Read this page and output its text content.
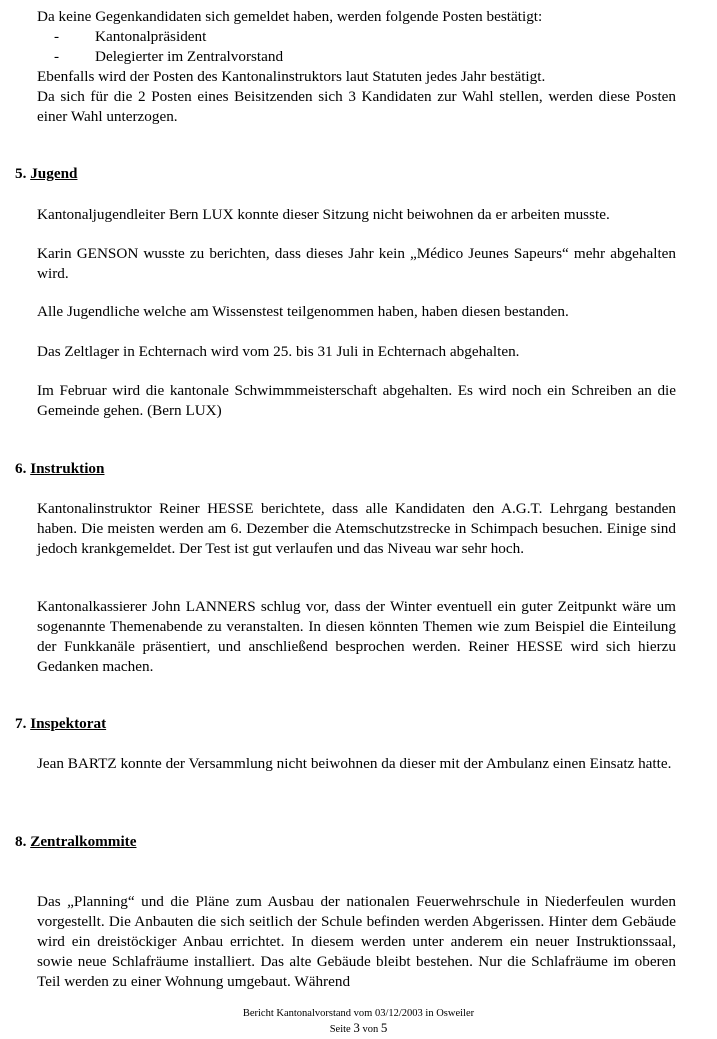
Da keine Gegenkandidaten sich gemeldet haben, werden folgende Posten bestätigt:

- Kantonalpräsident
- Delegierter im Zentralvorstand

Ebenfalls wird der Posten des Kantonalinstruktors laut Statuten jedes Jahr bestätigt.

Da sich für die 2 Posten eines Beisitzenden sich 3 Kandidaten zur Wahl stellen, werden diese Posten einer Wahl unterzogen.

5. Jugend

Kantonaljugendleiter Bern LUX konnte dieser Sitzung nicht beiwohnen da er arbeiten musste.

Karin GENSON wusste zu berichten, dass dieses Jahr kein „Médico Jeunes Sapeurs“ mehr abgehalten wird.

Alle Jugendliche welche am Wissenstest teilgenommen haben, haben diesen bestanden.

Das Zeltlager in Echternach wird vom 25. bis 31 Juli in Echternach abgehalten.

Im Februar wird die kantonale Schwimmmeisterschaft abgehalten. Es wird noch ein Schreiben an die Gemeinde gehen. (Bern LUX)

6. Instruktion

Kantonalinstruktor Reiner HESSE berichtete, dass alle Kandidaten den A.G.T. Lehrgang bestanden haben. Die meisten werden am 6. Dezember die Atemschutzstrecke in Schimpach besuchen. Einige sind jedoch krankgemeldet. Der Test ist gut verlaufen und das Niveau war sehr hoch.

Kantonalkassierer John LANNERS schlug vor, dass der Winter eventuell ein guter Zeitpunkt wäre um sogenannte Themenabende zu veranstalten. In diesen könnten Themen wie zum Beispiel die Einteilung der Funkkanäle präsentiert, und anschließend besprochen werden. Reiner HESSE wird sich hierzu Gedanken machen.

7. Inspektorat

Jean BARTZ konnte der Versammlung nicht beiwohnen da dieser mit der Ambulanz einen Einsatz hatte.

8. Zentralkommite

Das „Planning“ und die Pläne zum Ausbau der nationalen Feuerwehrschule in Niederfeulen wurden vorgestellt. Die Anbauten die sich seitlich der Schule befinden werden Abgerissen. Hinter dem Gebäude wird ein dreistöckiger Anbau errichtet. In diesem werden unter anderem ein neuer Instruktionssaal, sowie neue Schlafräume installiert. Das alte Gebäude bleibt bestehen. Nur die Schlafräume im oberen Teil werden zu einer Wohnung umgebaut. Während

Bericht Kantonalvorstand vom 03/12/2003 in Osweiler
Seite 3 von 5
